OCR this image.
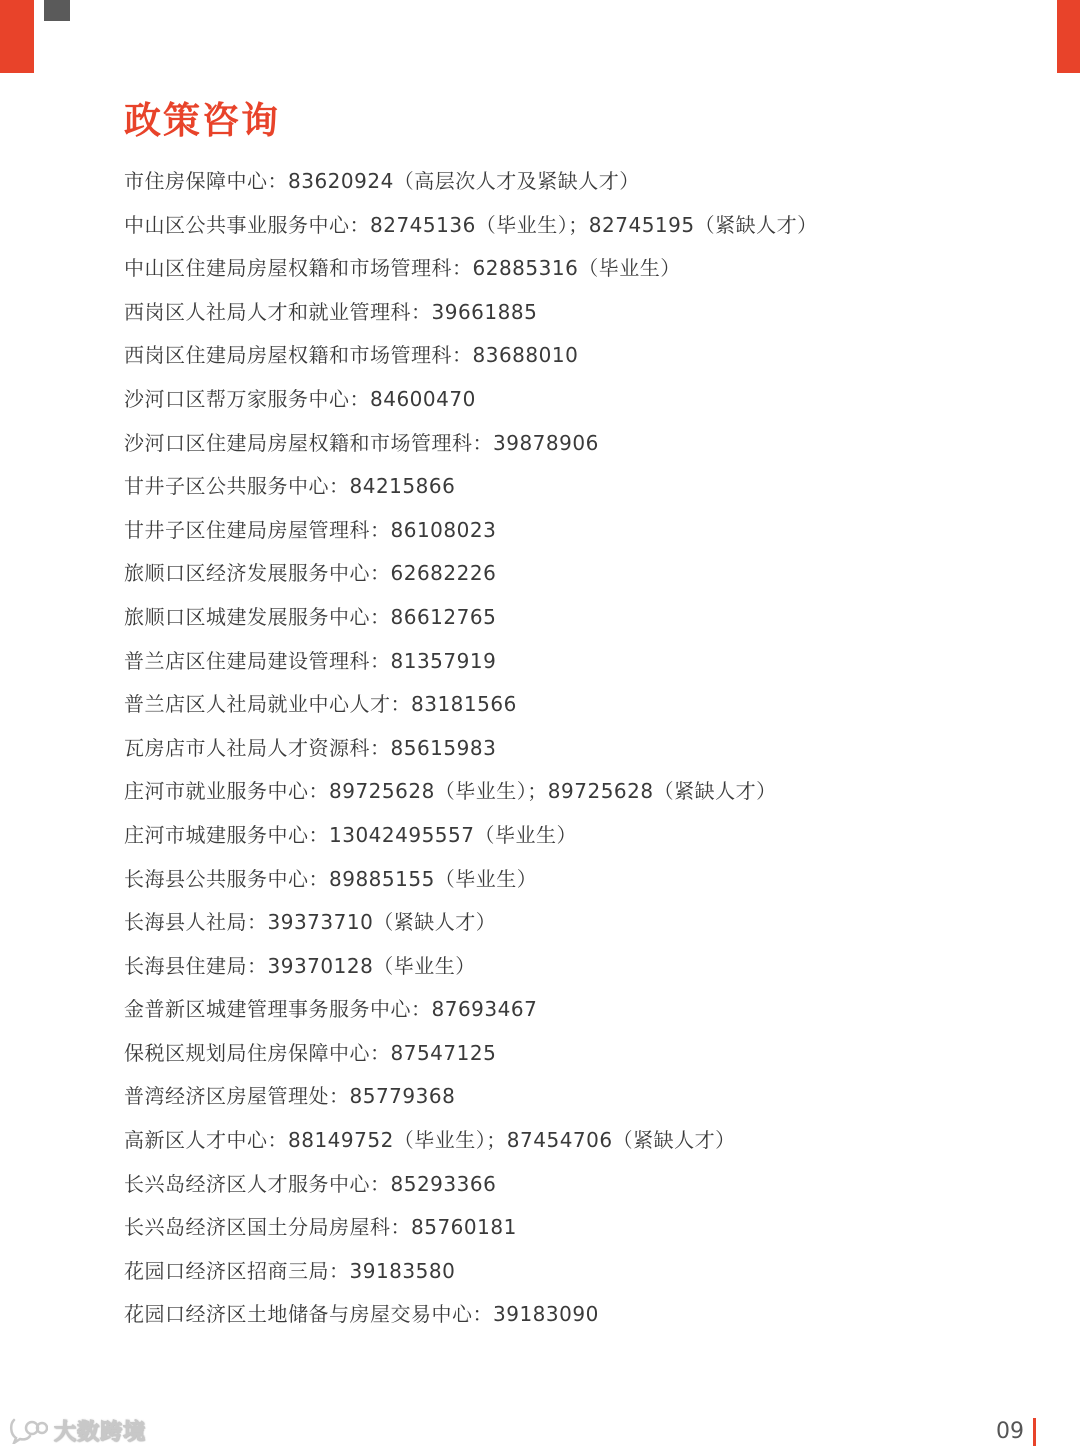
政策咨询
市住房保障中心：83620924（高层次人才及紧缺人才）
中山区公共事业服务中心：82745136（毕业生）；82745195（紧缺人才）
中山区住建局房屋权籍和市场管理科：62885316（毕业生）
西岗区人社局人才和就业管理科：39661885
西岗区住建局房屋权籍和市场管理科：83688010
沙河口区帮万家服务中心：84600470
沙河口区住建局房屋权籍和市场管理科：39878906
甘井子区公共服务中心：84215866
甘井子区住建局房屋管理科：86108023
旅顺口区经济发展服务中心：62682226
旅顺口区城建发展服务中心：86612765
普兰店区住建局建设管理科：81357919
普兰店区人社局就业中心人才：83181566
瓦房店市人社局人才资源科：85615983
庄河市就业服务中心：89725628（毕业生）；89725628（紧缺人才）
庄河市城建服务中心：13042495557（毕业生）
长海县公共服务中心：89885155（毕业生）
长海县人社局：39373710（紧缺人才）
长海县住建局：39370128（毕业生）
金普新区城建管理事务服务中心：87693467
保税区规划局住房保障中心：87547125
普湾经济区房屋管理处：85779368
高新区人才中心：88149752（毕业生）；87454706（紧缺人才）
长兴岛经济区人才服务中心：85293366
长兴岛经济区国土分局房屋科：85760181
花园口经济区招商三局：39183580
花园口经济区土地储备与房屋交易中心：39183090
大数跨境	09
